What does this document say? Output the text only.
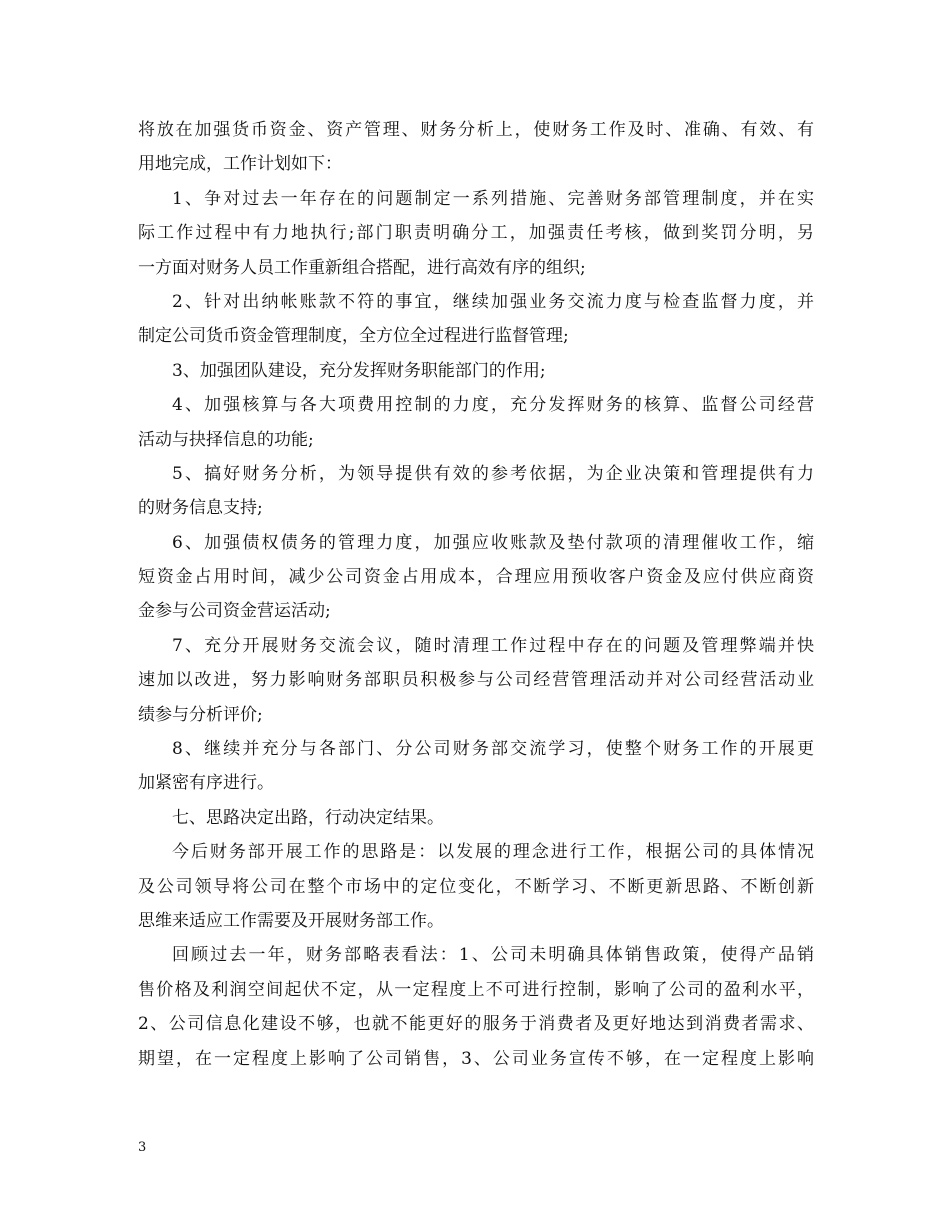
将放在加强货币资金、资产管理、财务分析上，使财务工作及时、准确、有效、有
用地完成，工作计划如下：
1、争对过去一年存在的问题制定一系列措施、完善财务部管理制度，并在实
际工作过程中有力地执行;部门职责明确分工，加强责任考核，做到奖罚分明，另
一方面对财务人员工作重新组合搭配，进行高效有序的组织;
2、针对出纳帐账款不符的事宜，继续加强业务交流力度与检查监督力度，并
制定公司货币资金管理制度，全方位全过程进行监督管理;
3、加强团队建设，充分发挥财务职能部门的作用;
4、加强核算与各大项费用控制的力度，充分发挥财务的核算、监督公司经营
活动与抉择信息的功能;
5、搞好财务分析，为领导提供有效的参考依据，为企业决策和管理提供有力
的财务信息支持;
6、加强债权债务的管理力度，加强应收账款及垫付款项的清理催收工作，缩
短资金占用时间，减少公司资金占用成本，合理应用预收客户资金及应付供应商资
金参与公司资金营运活动;
7、充分开展财务交流会议，随时清理工作过程中存在的问题及管理弊端并快
速加以改进，努力影响财务部职员积极参与公司经营管理活动并对公司经营活动业
绩参与分析评价;
8、继续并充分与各部门、分公司财务部交流学习，使整个财务工作的开展更
加紧密有序进行。
七、思路决定出路，行动决定结果。
今后财务部开展工作的思路是：以发展的理念进行工作，根据公司的具体情况
及公司领导将公司在整个市场中的定位变化，不断学习、不断更新思路、不断创新
思维来适应工作需要及开展财务部工作。
回顾过去一年，财务部略表看法：1、公司未明确具体销售政策，使得产品销
售价格及利润空间起伏不定，从一定程度上不可进行控制，影响了公司的盈利水平，
2、公司信息化建设不够，也就不能更好的服务于消费者及更好地达到消费者需求、
期望，在一定程度上影响了公司销售，3、公司业务宣传不够，在一定程度上影响
3
